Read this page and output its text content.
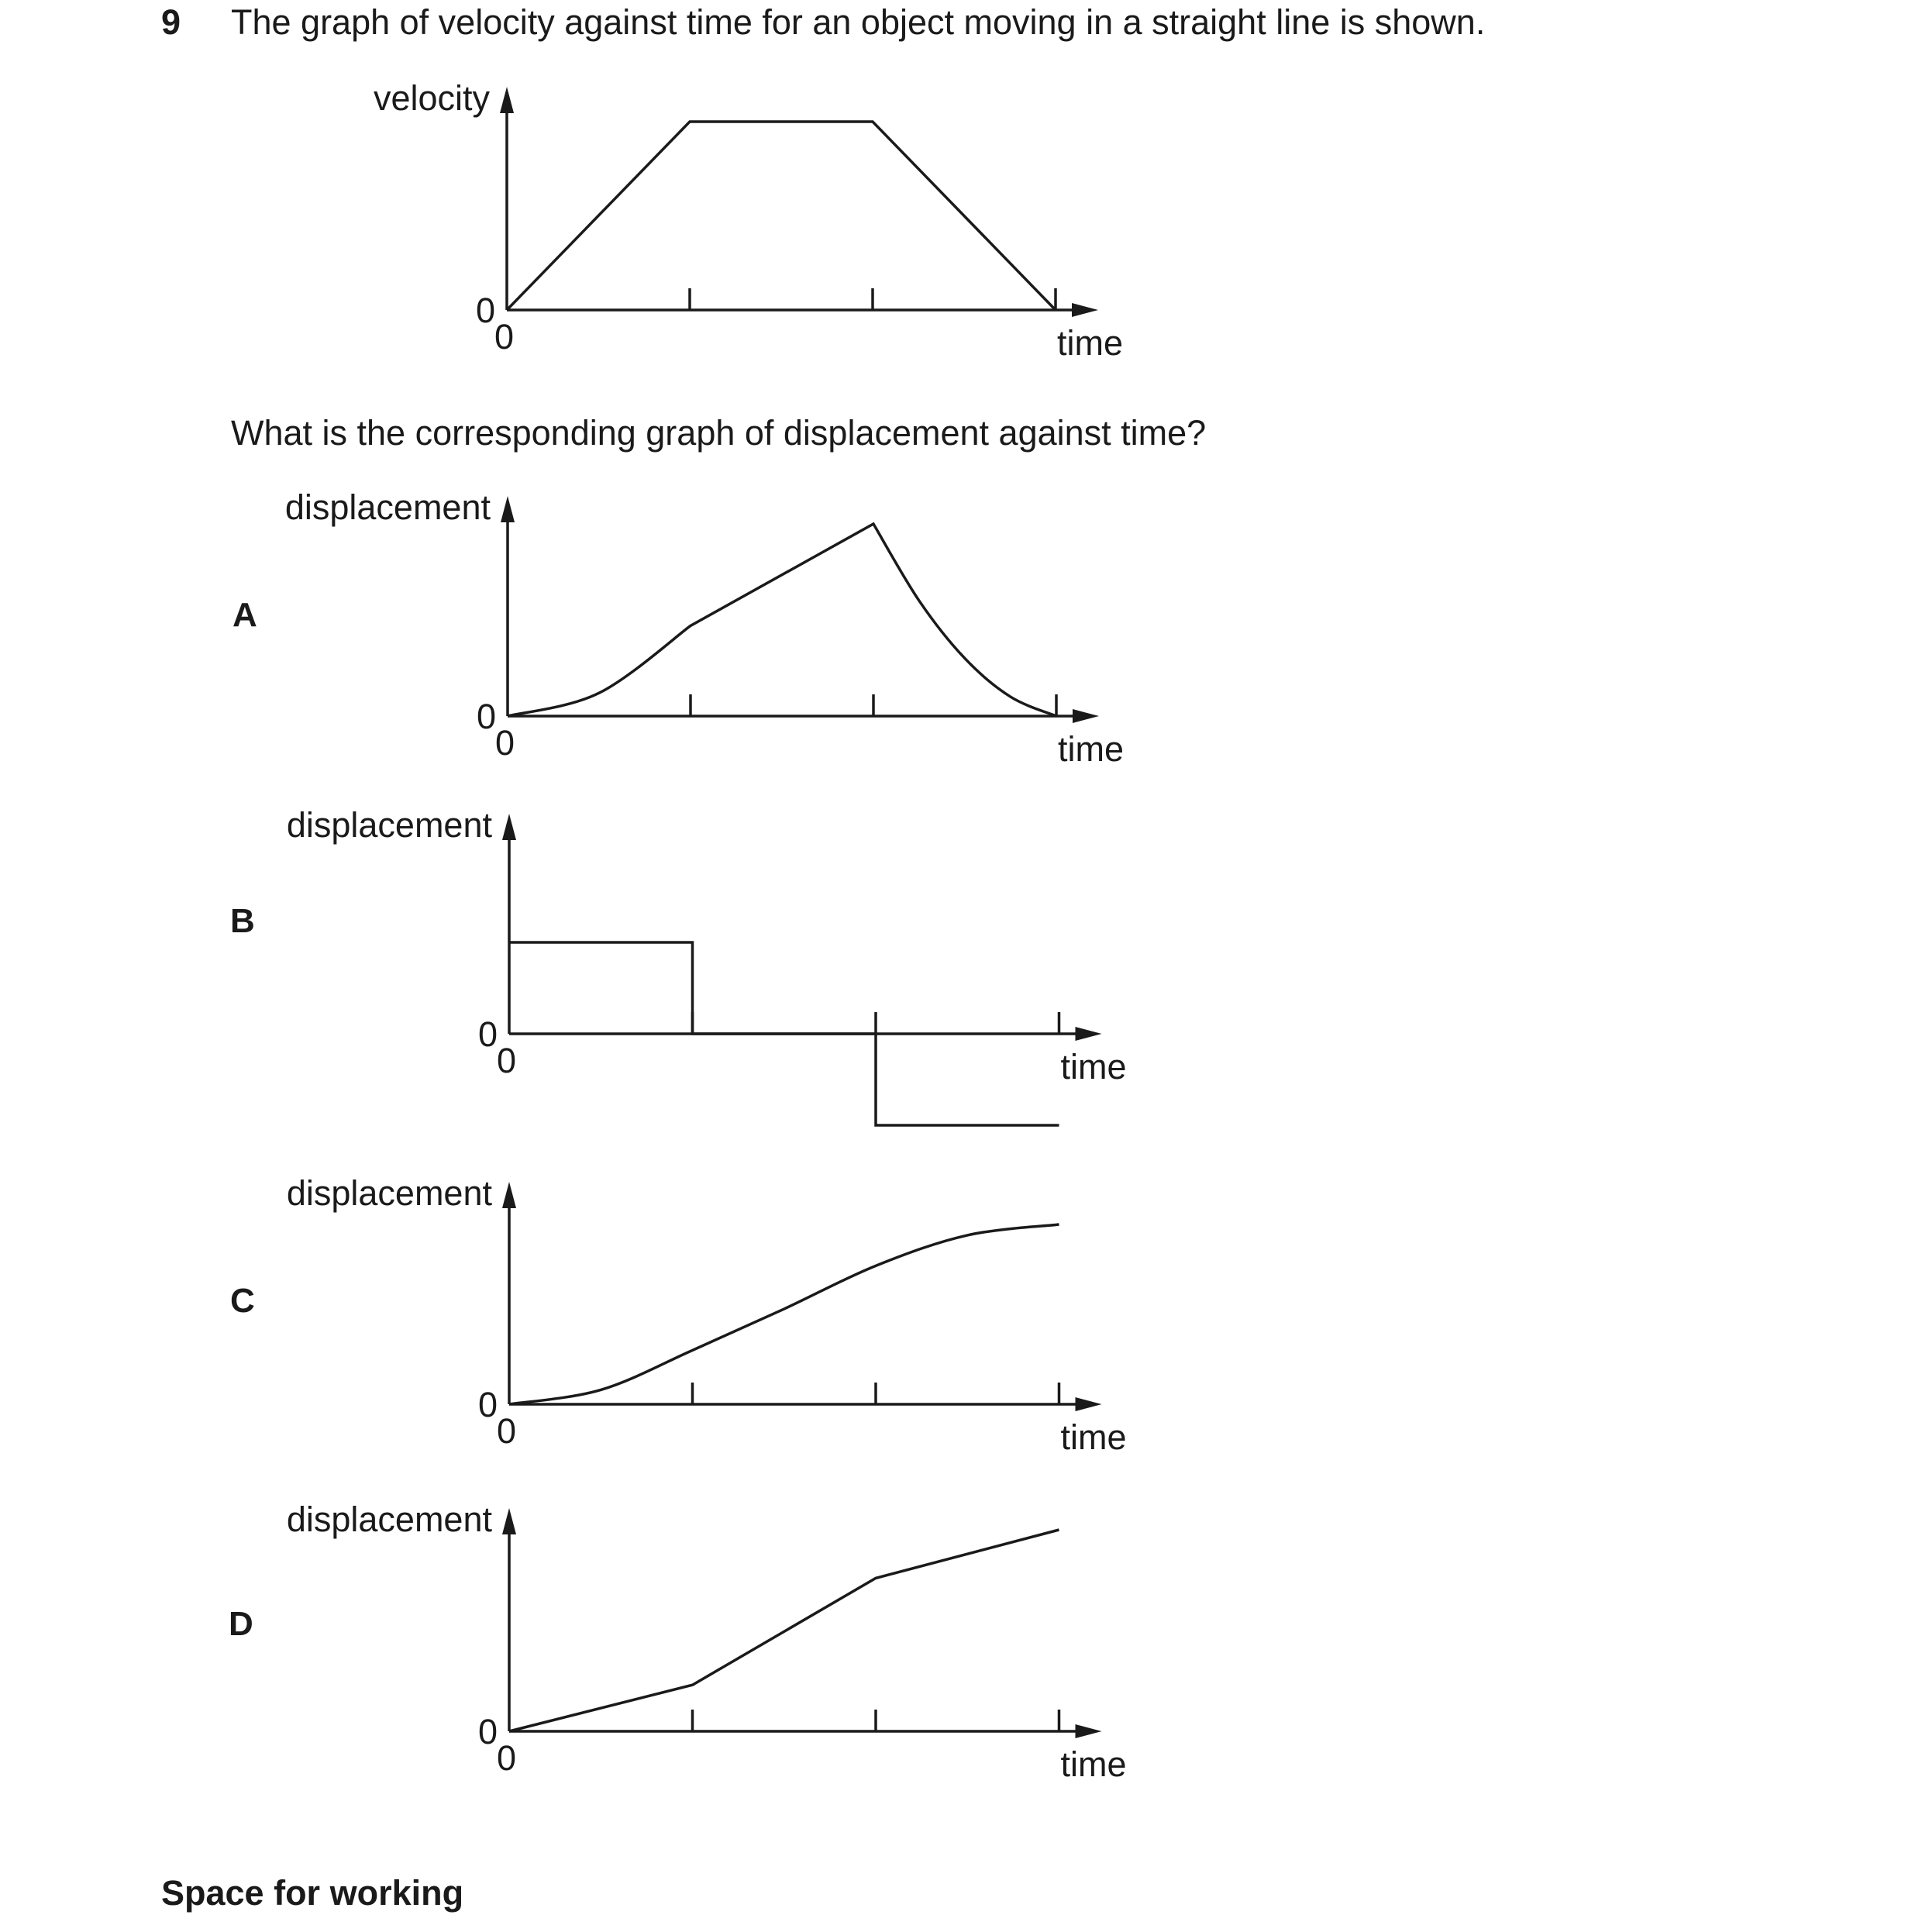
9 The graph of velocity against time for an object moving in a straight line is shown.
What is the corresponding graph of displacement against time?
velocity
time
0
0
displacement
time
0
0
A
displacement
time
0
0
B
displacement
time
0
0
C
displacement
time
0
0
D
Space for working
